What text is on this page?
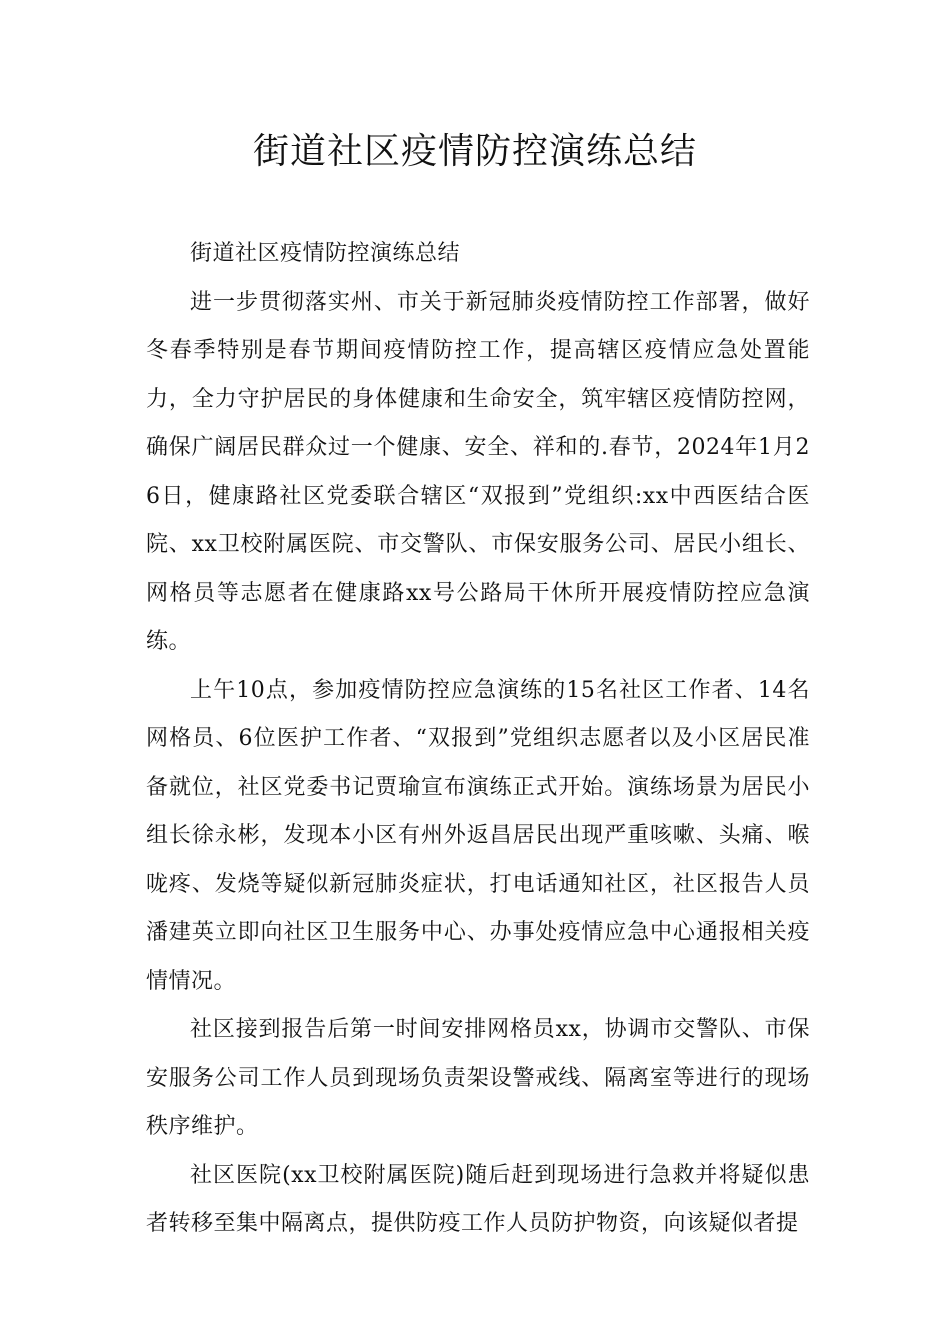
街道社区疫情防控演练总结

街道社区疫情防控演练总结

进一步贯彻落实州、市关于新冠肺炎疫情防控工作部署，做好冬春季特别是春节期间疫情防控工作，提高辖区疫情应急处置能力，全力守护居民的身体健康和生命安全，筑牢辖区疫情防控网，确保广阔居民群众过一个健康、安全、祥和的.春节，2024年1月26日，健康路社区党委联合辖区“双报到”党组织:xx中西医结合医院、xx卫校附属医院、市交警队、市保安服务公司、居民小组长、网格员等志愿者在健康路xx号公路局干休所开展疫情防控应急演练。

上午10点，参加疫情防控应急演练的15名社区工作者、14名网格员、6位医护工作者、“双报到”党组织志愿者以及小区居民准备就位，社区党委书记贾瑜宣布演练正式开始。演练场景为居民小组长徐永彬，发现本小区有州外返昌居民出现严重咳嗽、头痛、喉咙疼、发烧等疑似新冠肺炎症状，打电话通知社区，社区报告人员潘建英立即向社区卫生服务中心、办事处疫情应急中心通报相关疫情情况。

社区接到报告后第一时间安排网格员xx，协调市交警队、市保安服务公司工作人员到现场负责架设警戒线、隔离室等进行的现场秩序维护。

社区医院(xx卫校附属医院)随后赶到现场进行急救并将疑似患者转移至集中隔离点，提供防疫工作人员防护物资，向该疑似者提
